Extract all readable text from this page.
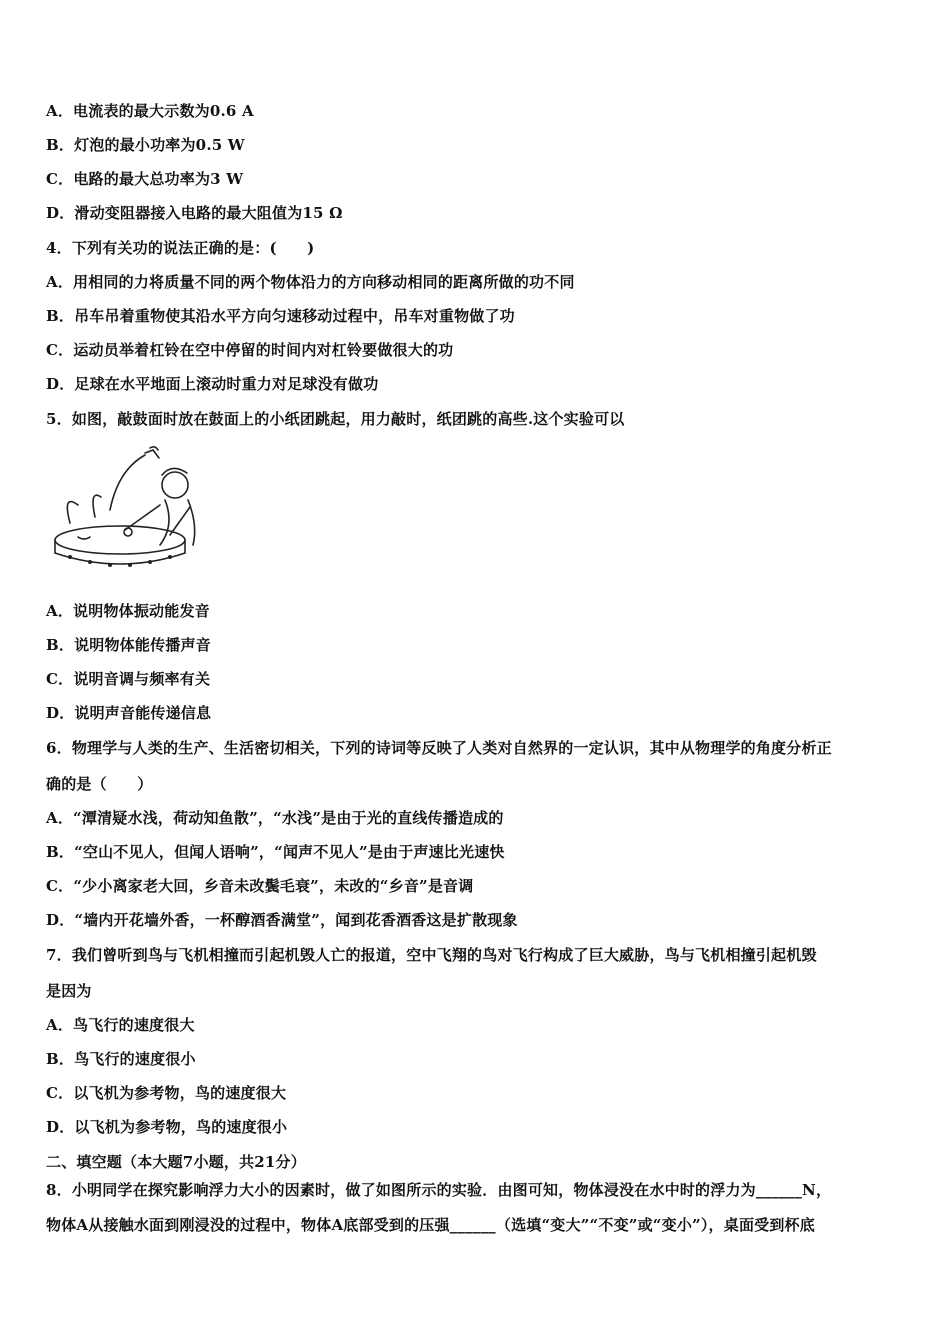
A．电流表的最大示数为0.6 A
B．灯泡的最小功率为0.5 W
C．电路的最大总功率为3 W
D．滑动变阻器接入电路的最大阻值为15 Ω
4．下列有关功的说法正确的是：(　　)
A．用相同的力将质量不同的两个物体沿力的方向移动相同的距离所做的功不同
B．吊车吊着重物使其沿水平方向匀速移动过程中，吊车对重物做了功
C．运动员举着杠铃在空中停留的时间内对杠铃要做很大的功
D．足球在水平地面上滚动时重力对足球没有做功
5．如图，敲鼓面时放在鼓面上的小纸团跳起，用力敲时，纸团跳的高些.这个实验可以
A．说明物体振动能发音
B．说明物体能传播声音
C．说明音调与频率有关
D．说明声音能传递信息
6．物理学与人类的生产、生活密切相关，下列的诗词等反映了人类对自然界的一定认识，其中从物理学的角度分析正
确的是（　　）
A．“潭清疑水浅，荷动知鱼散”，“水浅”是由于光的直线传播造成的
B．“空山不见人，但闻人语响”，“闻声不见人”是由于声速比光速快
C．“少小离家老大回，乡音未改鬓毛衰”，未改的“乡音”是音调
D．“墙内开花墙外香，一杯醇酒香满堂”，闻到花香酒香这是扩散现象
7．我们曾听到鸟与飞机相撞而引起机毁人亡的报道，空中飞翔的鸟对飞行构成了巨大威胁，鸟与飞机相撞引起机毁
是因为
A．鸟飞行的速度很大
B．鸟飞行的速度很小
C．以飞机为参考物，鸟的速度很大
D．以飞机为参考物，鸟的速度很小
二、填空题（本大题7小题，共21分）
8．小明同学在探究影响浮力大小的因素时，做了如图所示的实验．由图可知，物体浸没在水中时的浮力为______N，
物体A从接触水面到刚浸没的过程中，物体A底部受到的压强______（选填“变大”“不变”或“变小”），桌面受到杯底
